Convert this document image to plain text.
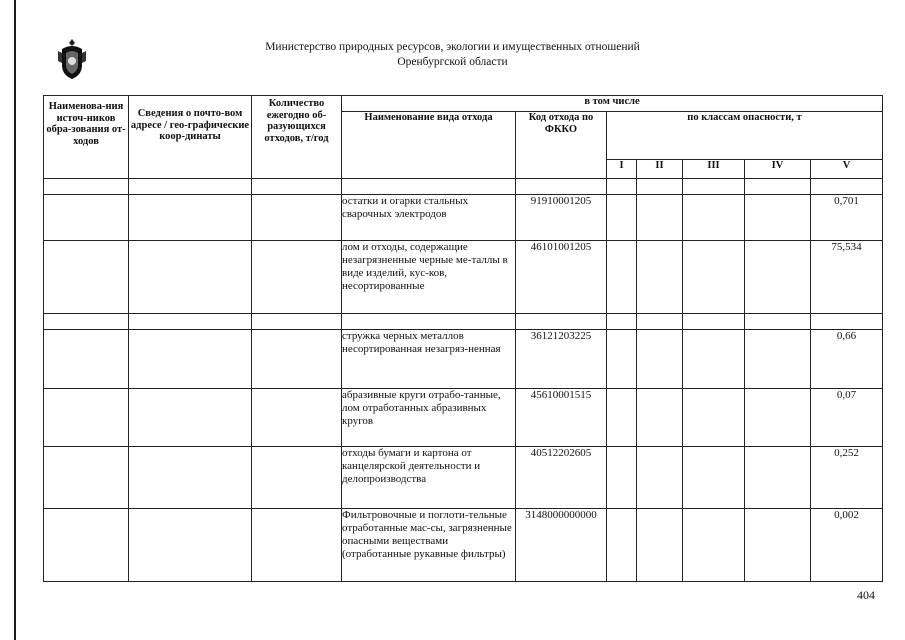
Министерство природных ресурсов, экологии и имущественных отношений
Оренбургской области
Наименова-ния источ-ников обра-зования от-ходов	Сведения о почто-вом адресе / гео-графические коор-динаты	Количество ежегодно об-разующихся отходов, т/год	в том числе						
			Наименование вида отхода	Код отхода по ФККО	по классам опасности, т				
					I	II	III	IV	V

			остатки и огарки стальных сварочных электродов	91910001205					0,701
			лом и отходы, содержащие незагрязненные черные ме-таллы в виде изделий, кус-ков, несортированные	46101001205					75,534

			стружка черных металлов несортированная незагряз-ненная	36121203225					0,66
			абразивные круги отрабо-танные, лом отработанных абразивных кругов	45610001515					0,07
			отходы бумаги и картона от канцелярской деятельности и делопроизводства	40512202605					0,252
			Фильтровочные и поглоти-тельные отработанные мас-сы, загрязненные опасными веществами (отработанные рукавные фильтры)	3148000000000					0,002
404
